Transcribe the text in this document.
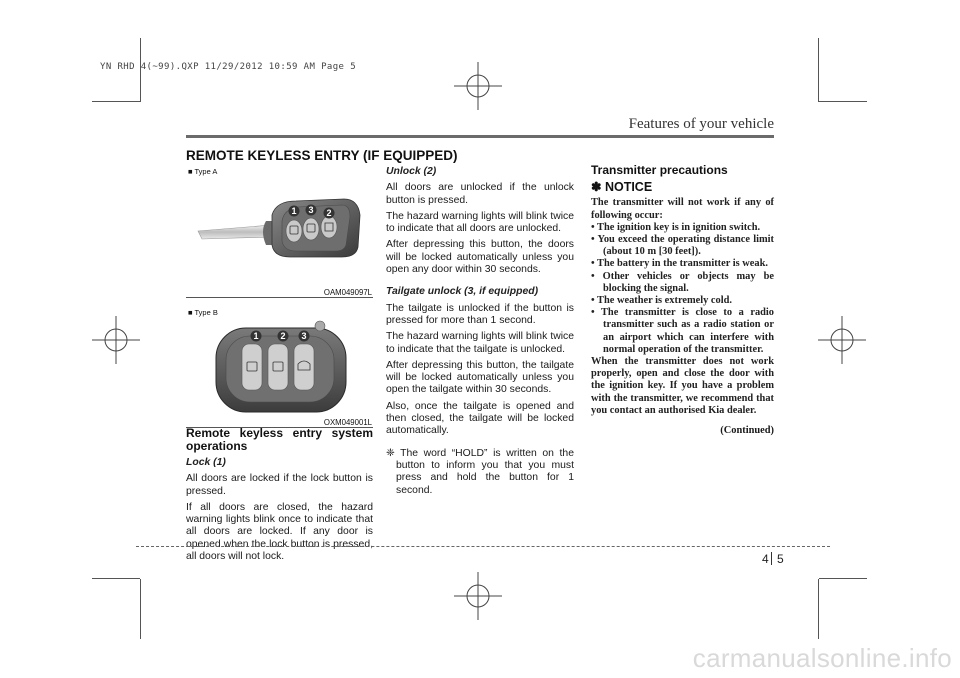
YN RHD 4(~99).QXP 11/29/2012 10:59 AM Page 5
Features of your vehicle
REMOTE KEYLESS ENTRY (IF EQUIPPED)
1 3 2
■ Type A
OAM049097L
1 2 3
■ Type B
OXM049001L

Remote keyless entry system operations

Lock (1)

All doors are locked if the lock button is pressed.

If all doors are closed, the hazard warning lights blink once to indicate that all doors are locked. If any door is opened when the lock button is pressed, all doors will not lock.

Unlock (2)

All doors are unlocked if the unlock button is pressed.

The hazard warning lights will blink twice to indicate that all doors are unlocked.

After depressing this button, the doors will be locked automatically unless you open any door within 30 seconds.

Tailgate unlock (3, if equipped)

The tailgate is unlocked if the button is pressed for more than 1 second.

The hazard warning lights will blink twice to indicate that the tailgate is unlocked.

After depressing this button, the tailgate will be locked automatically unless you open the tailgate within 30 seconds.

Also, once the tailgate is opened and then closed, the tailgate will be locked automatically.

❈ The word “HOLD” is written on the button to inform you that you must press and hold the button for 1 second.

Transmitter precautions

✽ NOTICE

The transmitter will not work if any of following occur:

• The ignition key is in ignition switch.

• You exceed the operating distance limit (about 10 m [30 feet]).

• The battery in the transmitter is weak.

• Other vehicles or objects may be blocking the signal.

• The weather is extremely cold.

• The transmitter is close to a radio transmitter such as a radio station or an airport which can interfere with normal operation of the transmitter.

When the transmitter does not work properly, open and close the door with the ignition key. If you have a problem with the transmitter, we recommend that you contact an authorised Kia dealer.

(Continued)
4 5
carmanualsonline.info
